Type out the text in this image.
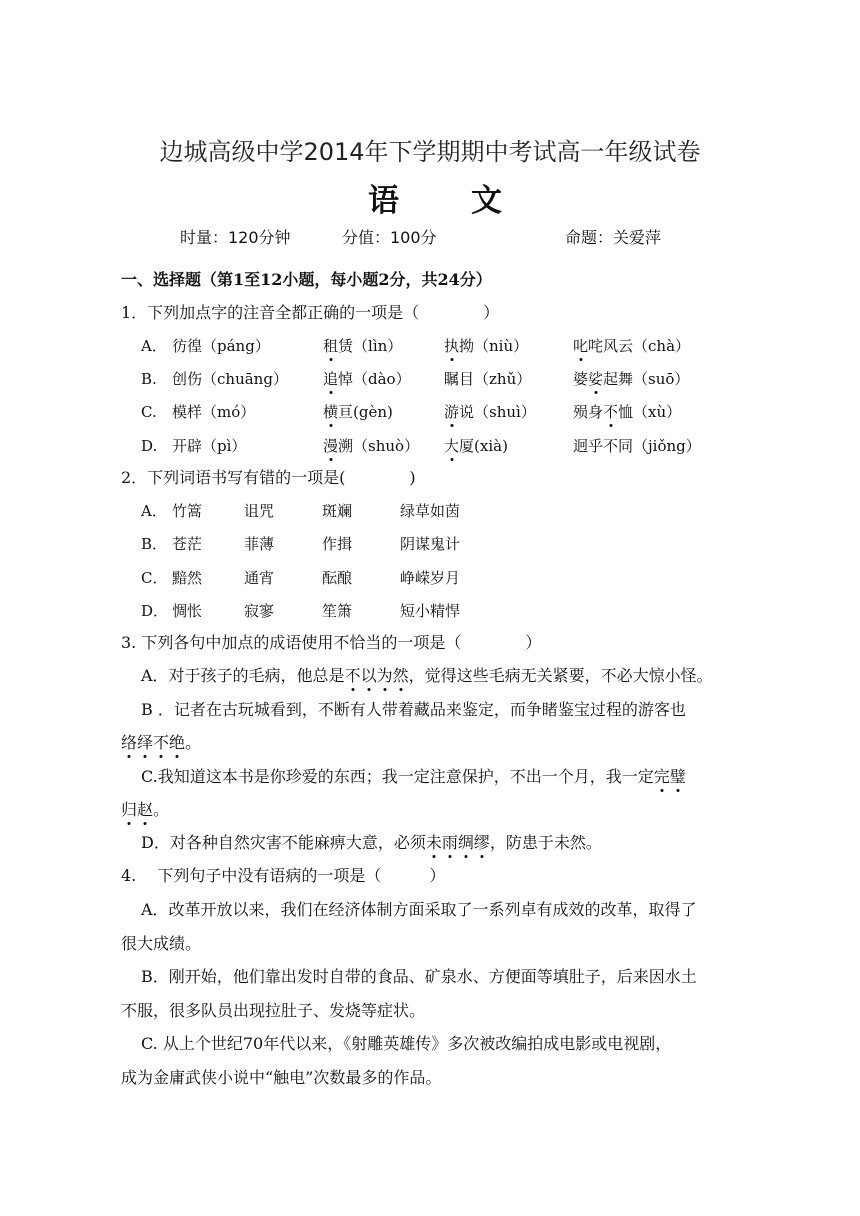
边城高级中学2014年下学期期中考试高一年级试卷
语 文
时量：120分钟	分值：100分	命题：关爱萍
一、选择题（第1至12小题，每小题2分，共24分）
1．下列加点字的注音全都正确的一项是（　　　　）
A． 彷徨（páng）	租赁（lìn）	执拗（niù）	叱咤风云（chà）
B. 创伤（chuāng） 追悼（dào） 瞩目（zhǔ）	婆娑起舞（suō）
C. 模样（mó）	横亘(gèn)	游说（shuì） 殒身不恤（xù）
D. 开辟（pì）	漫溯（shuò） 大厦(xià)	迥乎不同（jiǒng）
2．下列词语书写有错的一项是(　　　　)
A． 竹篙	诅咒	斑斓	绿草如茵
B． 苍茫	菲薄	作揖	阴谋鬼计
C． 黯然	通宵	酝酿	峥嵘岁月
D． 惆怅	寂寥	笙箫	短小精悍
3. 下列各句中加点的成语使用不恰当的一项是（　　　　）
A．对于孩子的毛病，他总是不以为然，觉得这些毛病无关紧要，不必大惊小怪。
B ．记者在古玩城看到，不断有人带着藏品来鉴定，而争睹鉴宝过程的游客也
络绎不绝。
C.我知道这本书是你珍爱的东西；我一定注意保护，不出一个月，我一定完璧
归赵。
D．对各种自然灾害不能麻痹大意，必须未雨绸缪，防患于未然。
4.　 下列句子中没有语病的一项是（　　　）
A．改革开放以来，我们在经济体制方面采取了一系列卓有成效的改革，取得了
很大成绩。
B．刚开始，他们靠出发时自带的食品、矿泉水、方便面等填肚子，后来因水土
不服，很多队员出现拉肚子、发烧等症状。
C. 从上个世纪70年代以来，《射雕英雄传》多次被改编拍成电影或电视剧，
成为金庸武侠小说中“触电”次数最多的作品。
